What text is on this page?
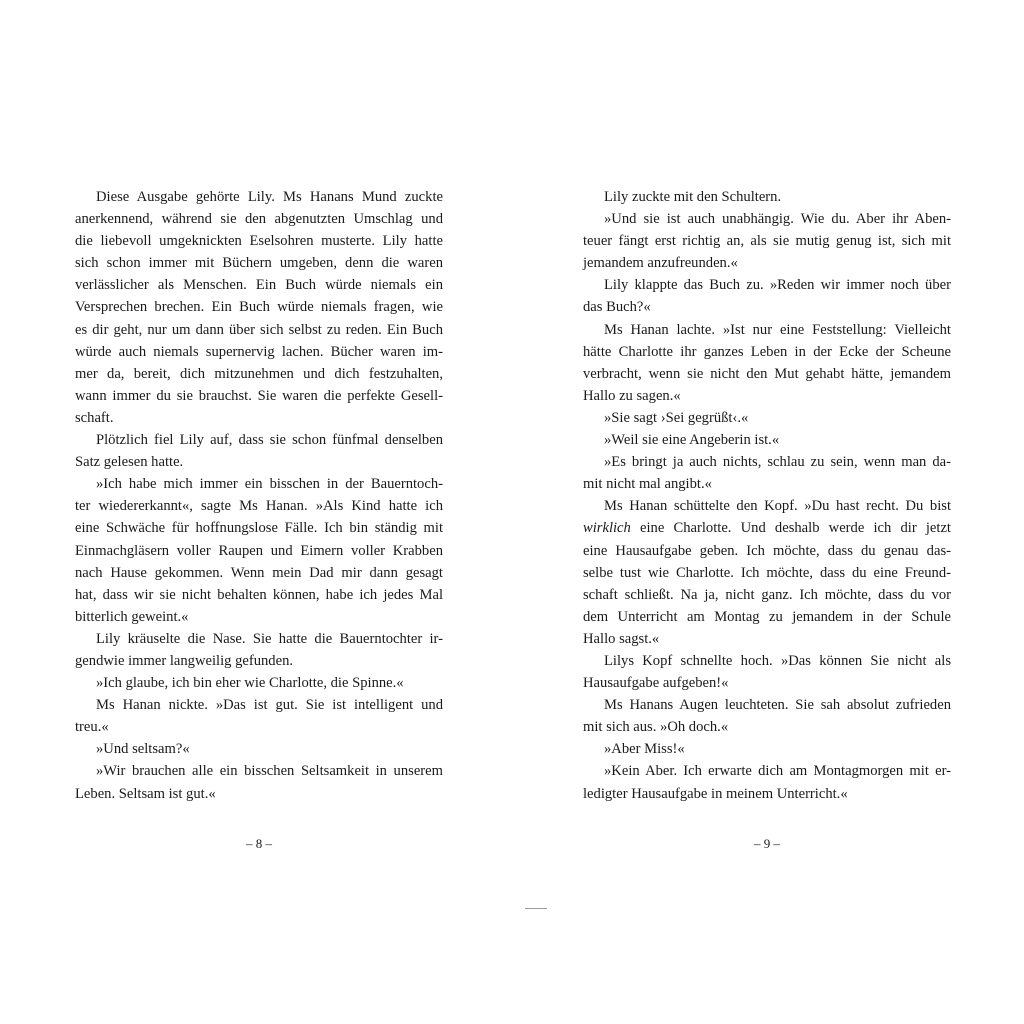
Diese Ausgabe gehörte Lily. Ms Hanans Mund zuckte
anerkennend, während sie den abgenutzten Umschlag und
die liebevoll umgeknickten Eselsohren musterte. Lily hatte
sich schon immer mit Büchern umgeben, denn die waren
verlässlicher als Menschen. Ein Buch würde niemals ein
Versprechen brechen. Ein Buch würde niemals fragen, wie
es dir geht, nur um dann über sich selbst zu reden. Ein Buch
würde auch niemals supernervig lachen. Bücher waren im-
mer da, bereit, dich mitzunehmen und dich festzuhalten,
wann immer du sie brauchst. Sie waren die perfekte Gesell-
schaft.
Plötzlich fiel Lily auf, dass sie schon fünfmal denselben
Satz gelesen hatte.
»Ich habe mich immer ein bisschen in der Bauerntoch-
ter wiedererkannt«, sagte Ms Hanan. »Als Kind hatte ich
eine Schwäche für hoffnungslose Fälle. Ich bin ständig mit
Einmachgläsern voller Raupen und Eimern voller Krabben
nach Hause gekommen. Wenn mein Dad mir dann gesagt
hat, dass wir sie nicht behalten können, habe ich jedes Mal
bitterlich geweint.«
Lily kräuselte die Nase. Sie hatte die Bauerntochter ir-
gendwie immer langweilig gefunden.
»Ich glaube, ich bin eher wie Charlotte, die Spinne.«
Ms Hanan nickte. »Das ist gut. Sie ist intelligent und
treu.«
»Und seltsam?«
»Wir brauchen alle ein bisschen Seltsamkeit in unserem
Leben. Seltsam ist gut.«
Lily zuckte mit den Schultern.
»Und sie ist auch unabhängig. Wie du. Aber ihr Aben-
teuer fängt erst richtig an, als sie mutig genug ist, sich mit
jemandem anzufreunden.«
Lily klappte das Buch zu. »Reden wir immer noch über
das Buch?«
Ms Hanan lachte. »Ist nur eine Feststellung: Vielleicht
hätte Charlotte ihr ganzes Leben in der Ecke der Scheune
verbracht, wenn sie nicht den Mut gehabt hätte, jemandem
Hallo zu sagen.«
»Sie sagt ›Sei gegrüßt‹.«
»Weil sie eine Angeberin ist.«
»Es bringt ja auch nichts, schlau zu sein, wenn man da-
mit nicht mal angibt.«
Ms Hanan schüttelte den Kopf. »Du hast recht. Du bist
wirklich eine Charlotte. Und deshalb werde ich dir jetzt
eine Hausaufgabe geben. Ich möchte, dass du genau das-
selbe tust wie Charlotte. Ich möchte, dass du eine Freund-
schaft schließt. Na ja, nicht ganz. Ich möchte, dass du vor
dem Unterricht am Montag zu jemandem in der Schule
Hallo sagst.«
Lilys Kopf schnellte hoch. »Das können Sie nicht als
Hausaufgabe aufgeben!«
Ms Hanans Augen leuchteten. Sie sah absolut zufrieden
mit sich aus. »Oh doch.«
»Aber Miss!«
»Kein Aber. Ich erwarte dich am Montagmorgen mit er-
ledigter Hausaufgabe in meinem Unterricht.«
– 8 –	– 9 –
